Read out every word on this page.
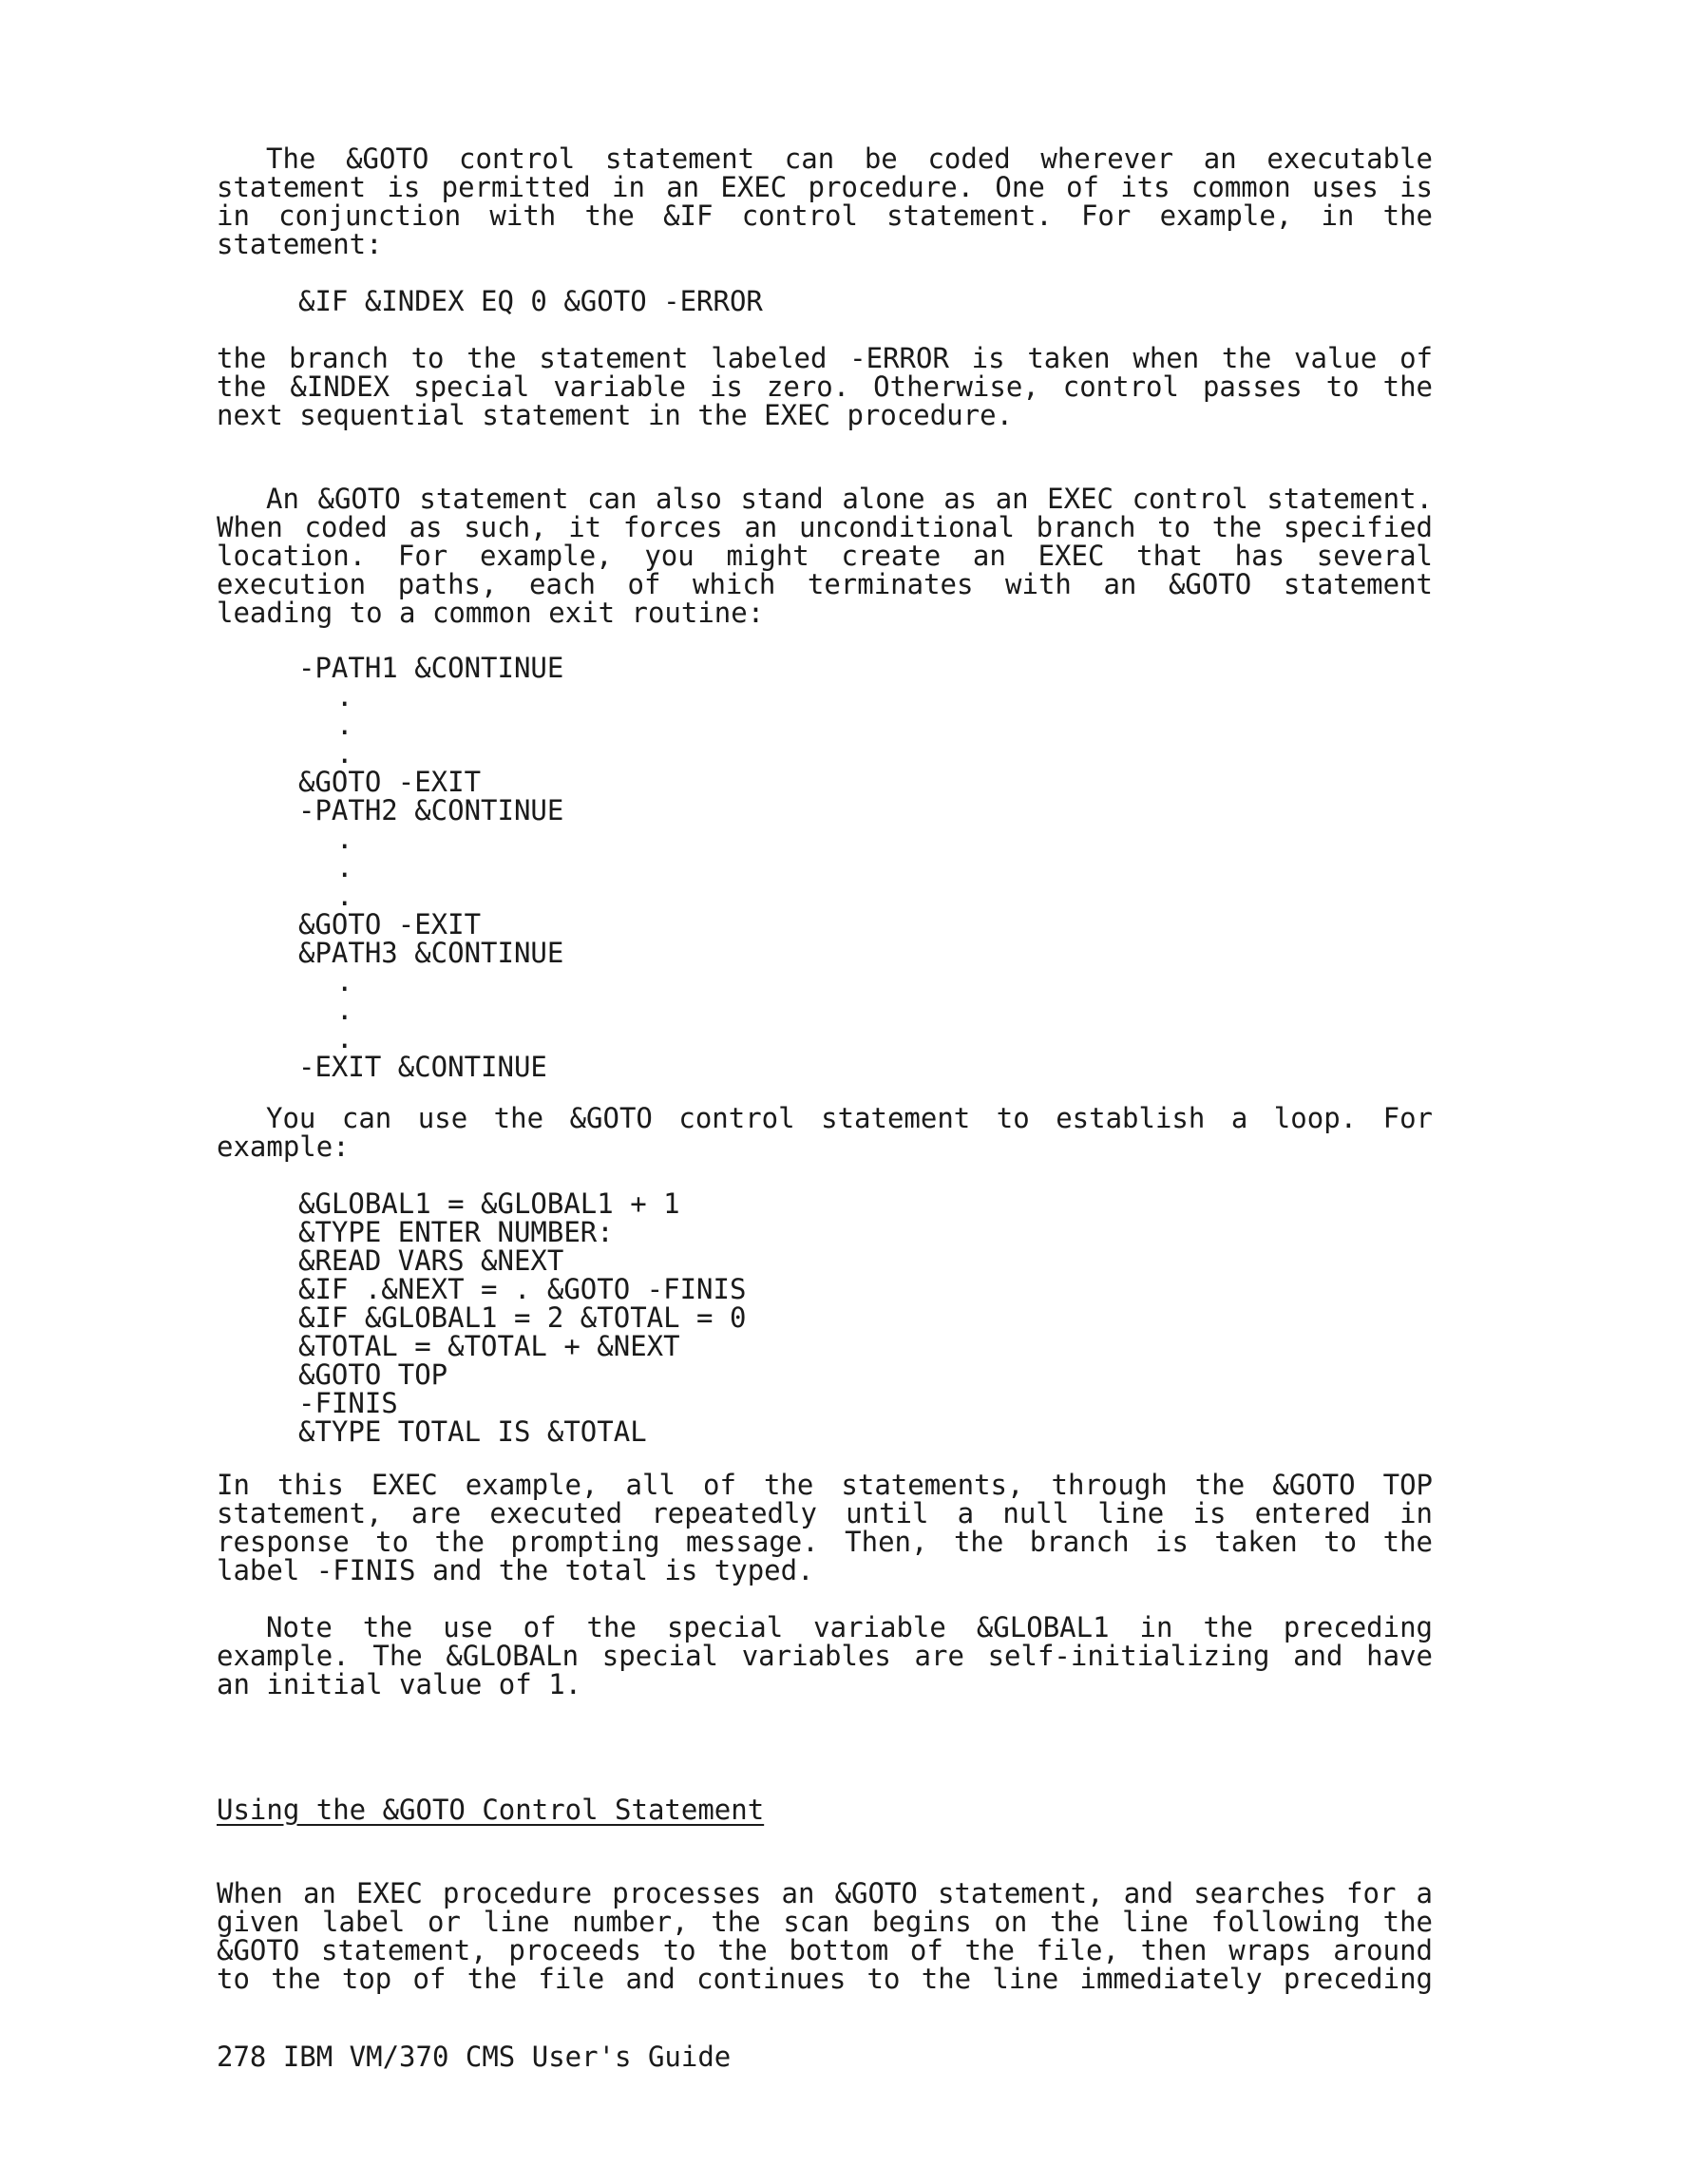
The &GOTO control statement can be coded wherever an executable
statement is permitted in an EXEC procedure. One of its common uses is
in conjunction with the &IF control statement. For example, in the
statement:
&IF &INDEX EQ 0 &GOTO -ERROR
the branch to the statement labeled -ERROR is taken when the value of
the &INDEX special variable is zero. Otherwise, control passes to the
next sequential statement in the EXEC procedure.
An &GOTO statement can also stand alone as an EXEC control statement.
When coded as such, it forces an unconditional branch to the specified
location. For example, you might create an EXEC that has several
execution paths, each of which terminates with an &GOTO statement
leading to a common exit routine:
-PATH1 &CONTINUE
.
.
.
&GOTO -EXIT
-PATH2 &CONTINUE
.
.
.
&GOTO -EXIT
&PATH3 &CONTINUE
.
.
.
-EXIT &CONTINUE
You can use the &GOTO control statement to establish a loop. For
example:
&GLOBAL1 = &GLOBAL1 + 1
&TYPE ENTER NUMBER:
&READ VARS &NEXT
&IF .&NEXT = . &GOTO -FINIS
&IF &GLOBAL1 = 2 &TOTAL = 0
&TOTAL = &TOTAL + &NEXT
&GOTO TOP
-FINIS
&TYPE TOTAL IS &TOTAL
In this EXEC example, all of the statements, through the &GOTO TOP
statement, are executed repeatedly until a null line is entered in
response to the prompting message. Then, the branch is taken to the
label -FINIS and the total is typed.
Note the use of the special variable &GLOBAL1 in the preceding
example. The &GLOBALn special variables are self-initializing and have
an initial value of 1.
Using the &GOTO Control Statement
When an EXEC procedure processes an &GOTO statement, and searches for a
given label or line number, the scan begins on the line following the
&GOTO statement, proceeds to the bottom of the file, then wraps around
to the top of the file and continues to the line immediately preceding
278 IBM VM/370 CMS User's Guide
